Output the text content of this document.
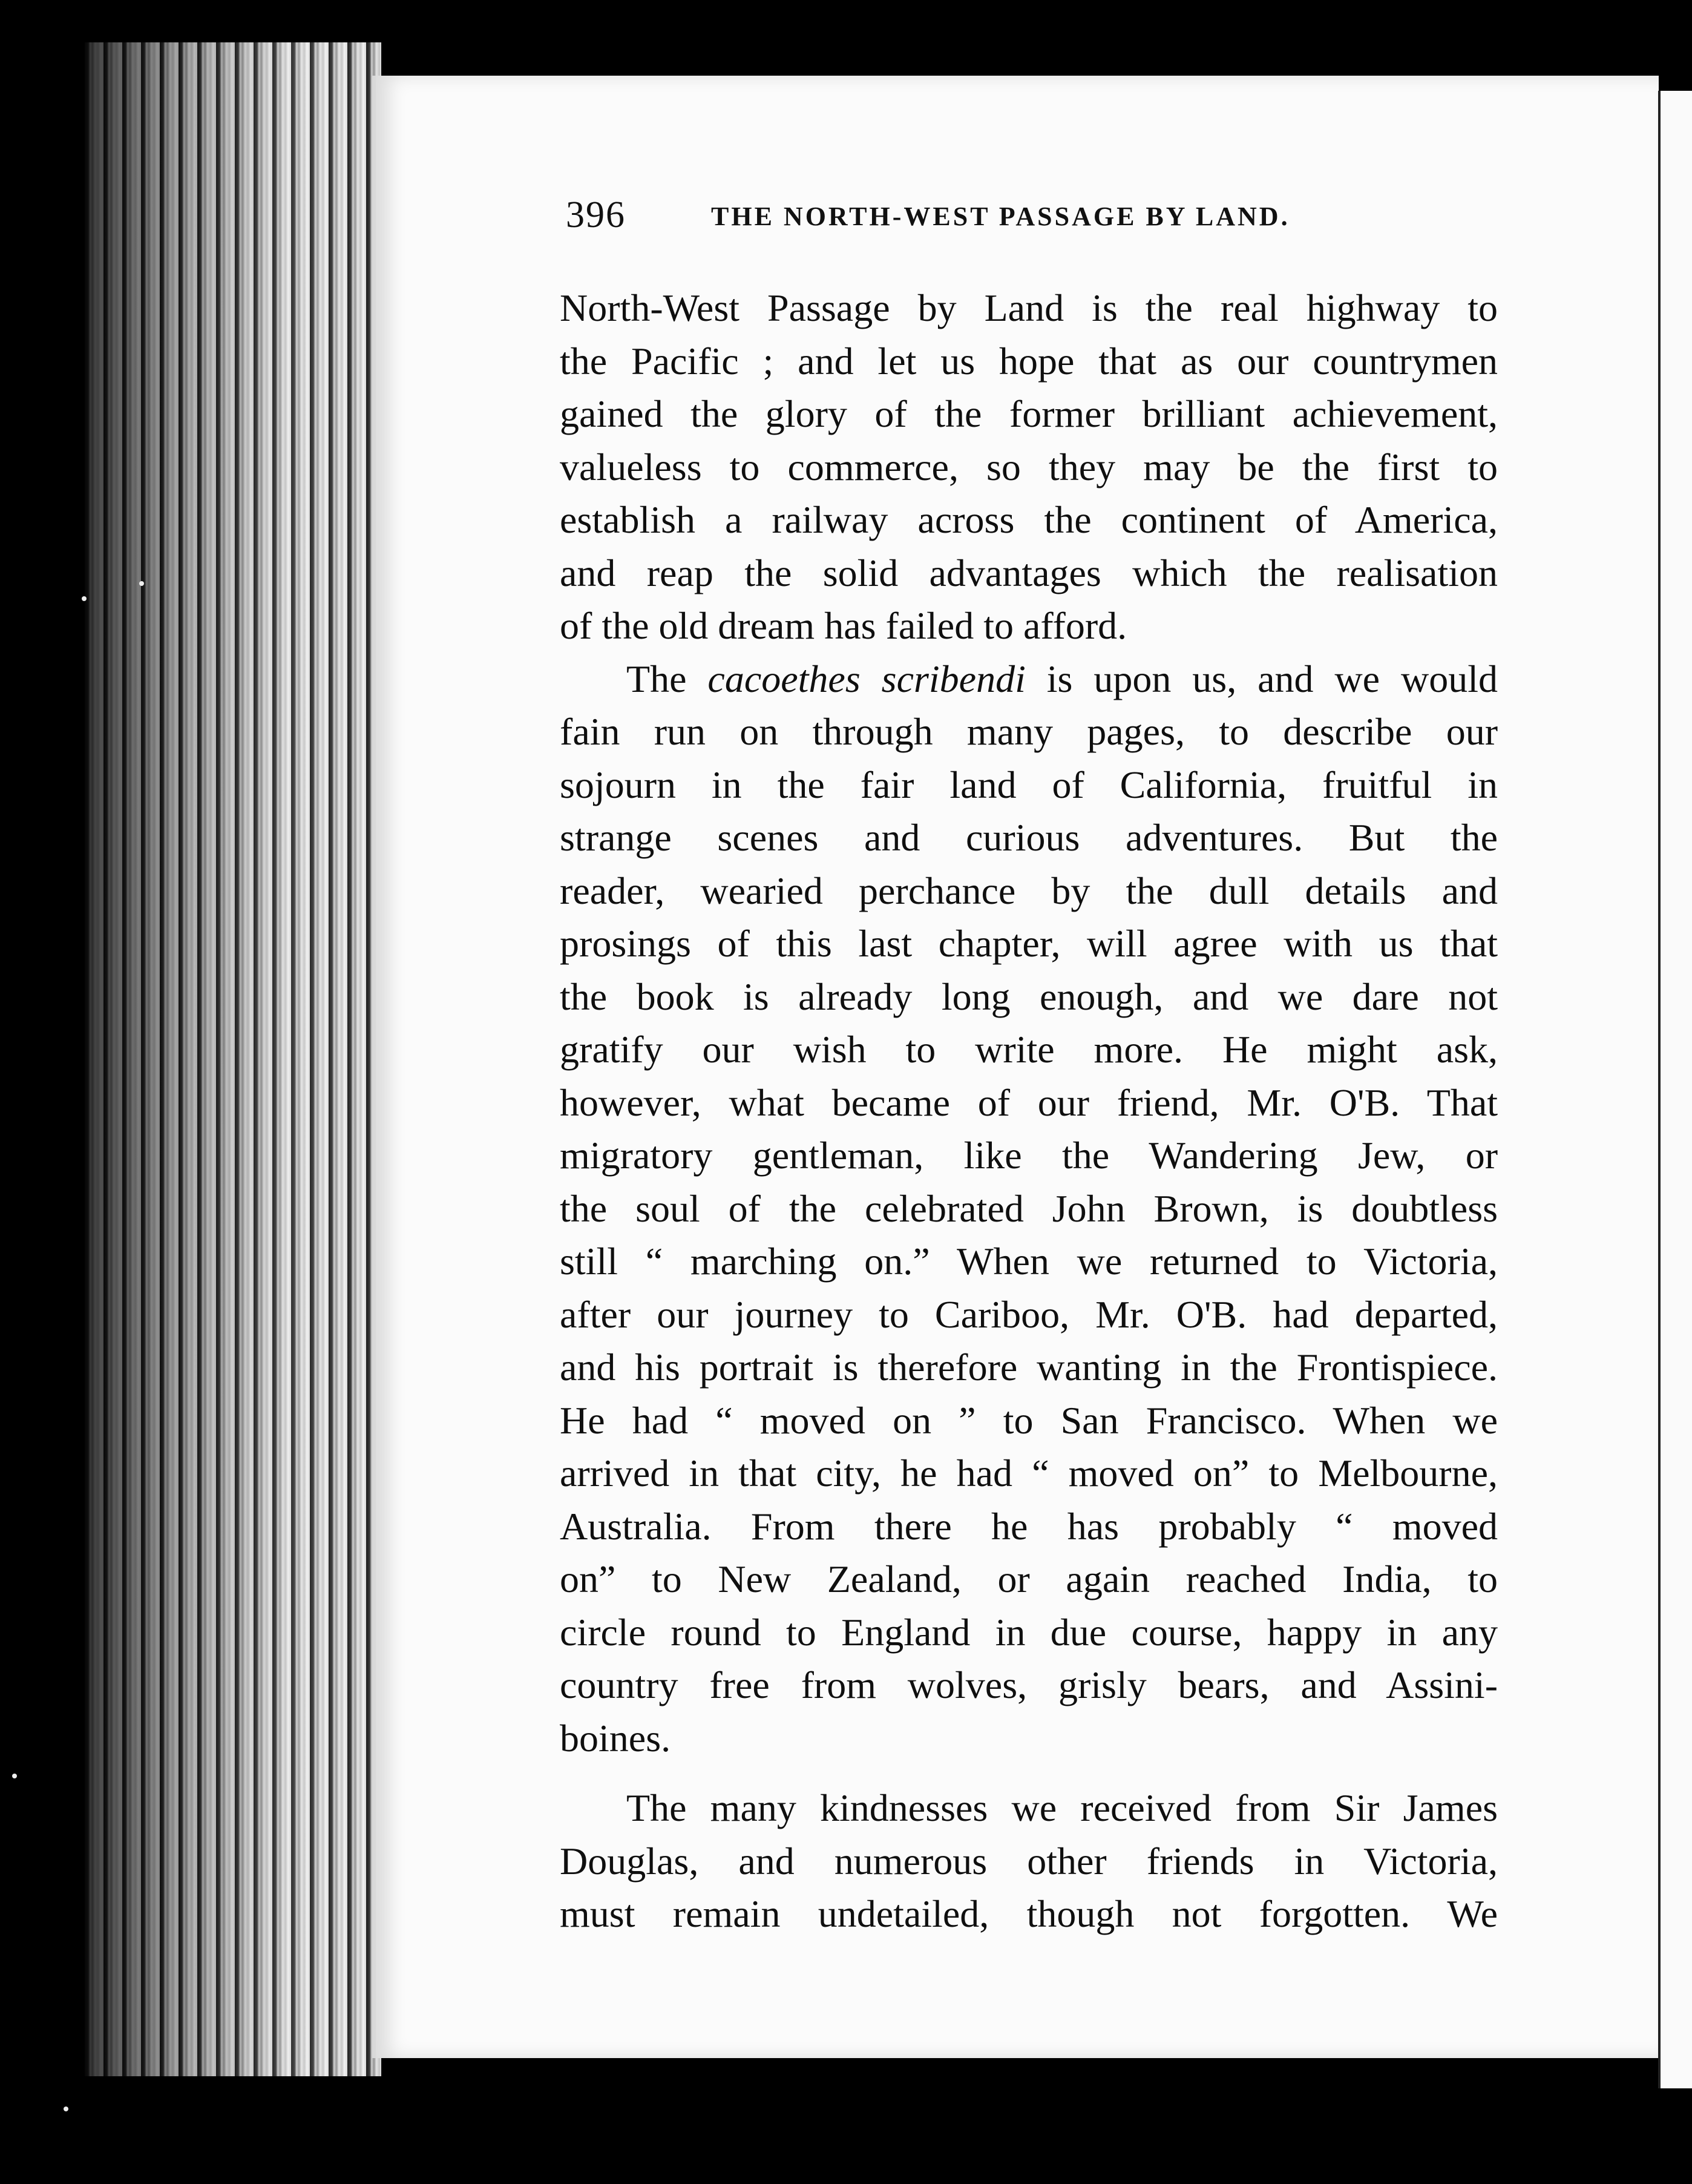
396	THE NORTH-WEST PASSAGE BY LAND.
North-West Passage by Land is the real highway to
the Pacific ; and let us hope that as our countrymen
gained the glory of the former brilliant achievement,
valueless to commerce, so they may be the first to
establish a railway across the continent of America,
and reap the solid advantages which the realisation
of the old dream has failed to afford.
The cacoethes scribendi is upon us, and we would
fain run on through many pages, to describe our
sojourn in the fair land of California, fruitful in
strange scenes and curious adventures. But the
reader, wearied perchance by the dull details and
prosings of this last chapter, will agree with us that
the book is already long enough, and we dare not
gratify our wish to write more. He might ask,
however, what became of our friend, Mr. O'B. That
migratory gentleman, like the Wandering Jew, or
the soul of the celebrated John Brown, is doubtless
still “ marching on.” When we returned to Victoria,
after our journey to Cariboo, Mr. O'B. had departed,
and his portrait is therefore wanting in the Frontispiece.
He had “ moved on ” to San Francisco. When we
arrived in that city, he had “ moved on” to Melbourne,
Australia. From there he has probably “ moved
on” to New Zealand, or again reached India, to
circle round to England in due course, happy in any
country free from wolves, grisly bears, and Assini-
boines.
The many kindnesses we received from Sir James
Douglas, and numerous other friends in Victoria,
must remain undetailed, though not forgotten. We
